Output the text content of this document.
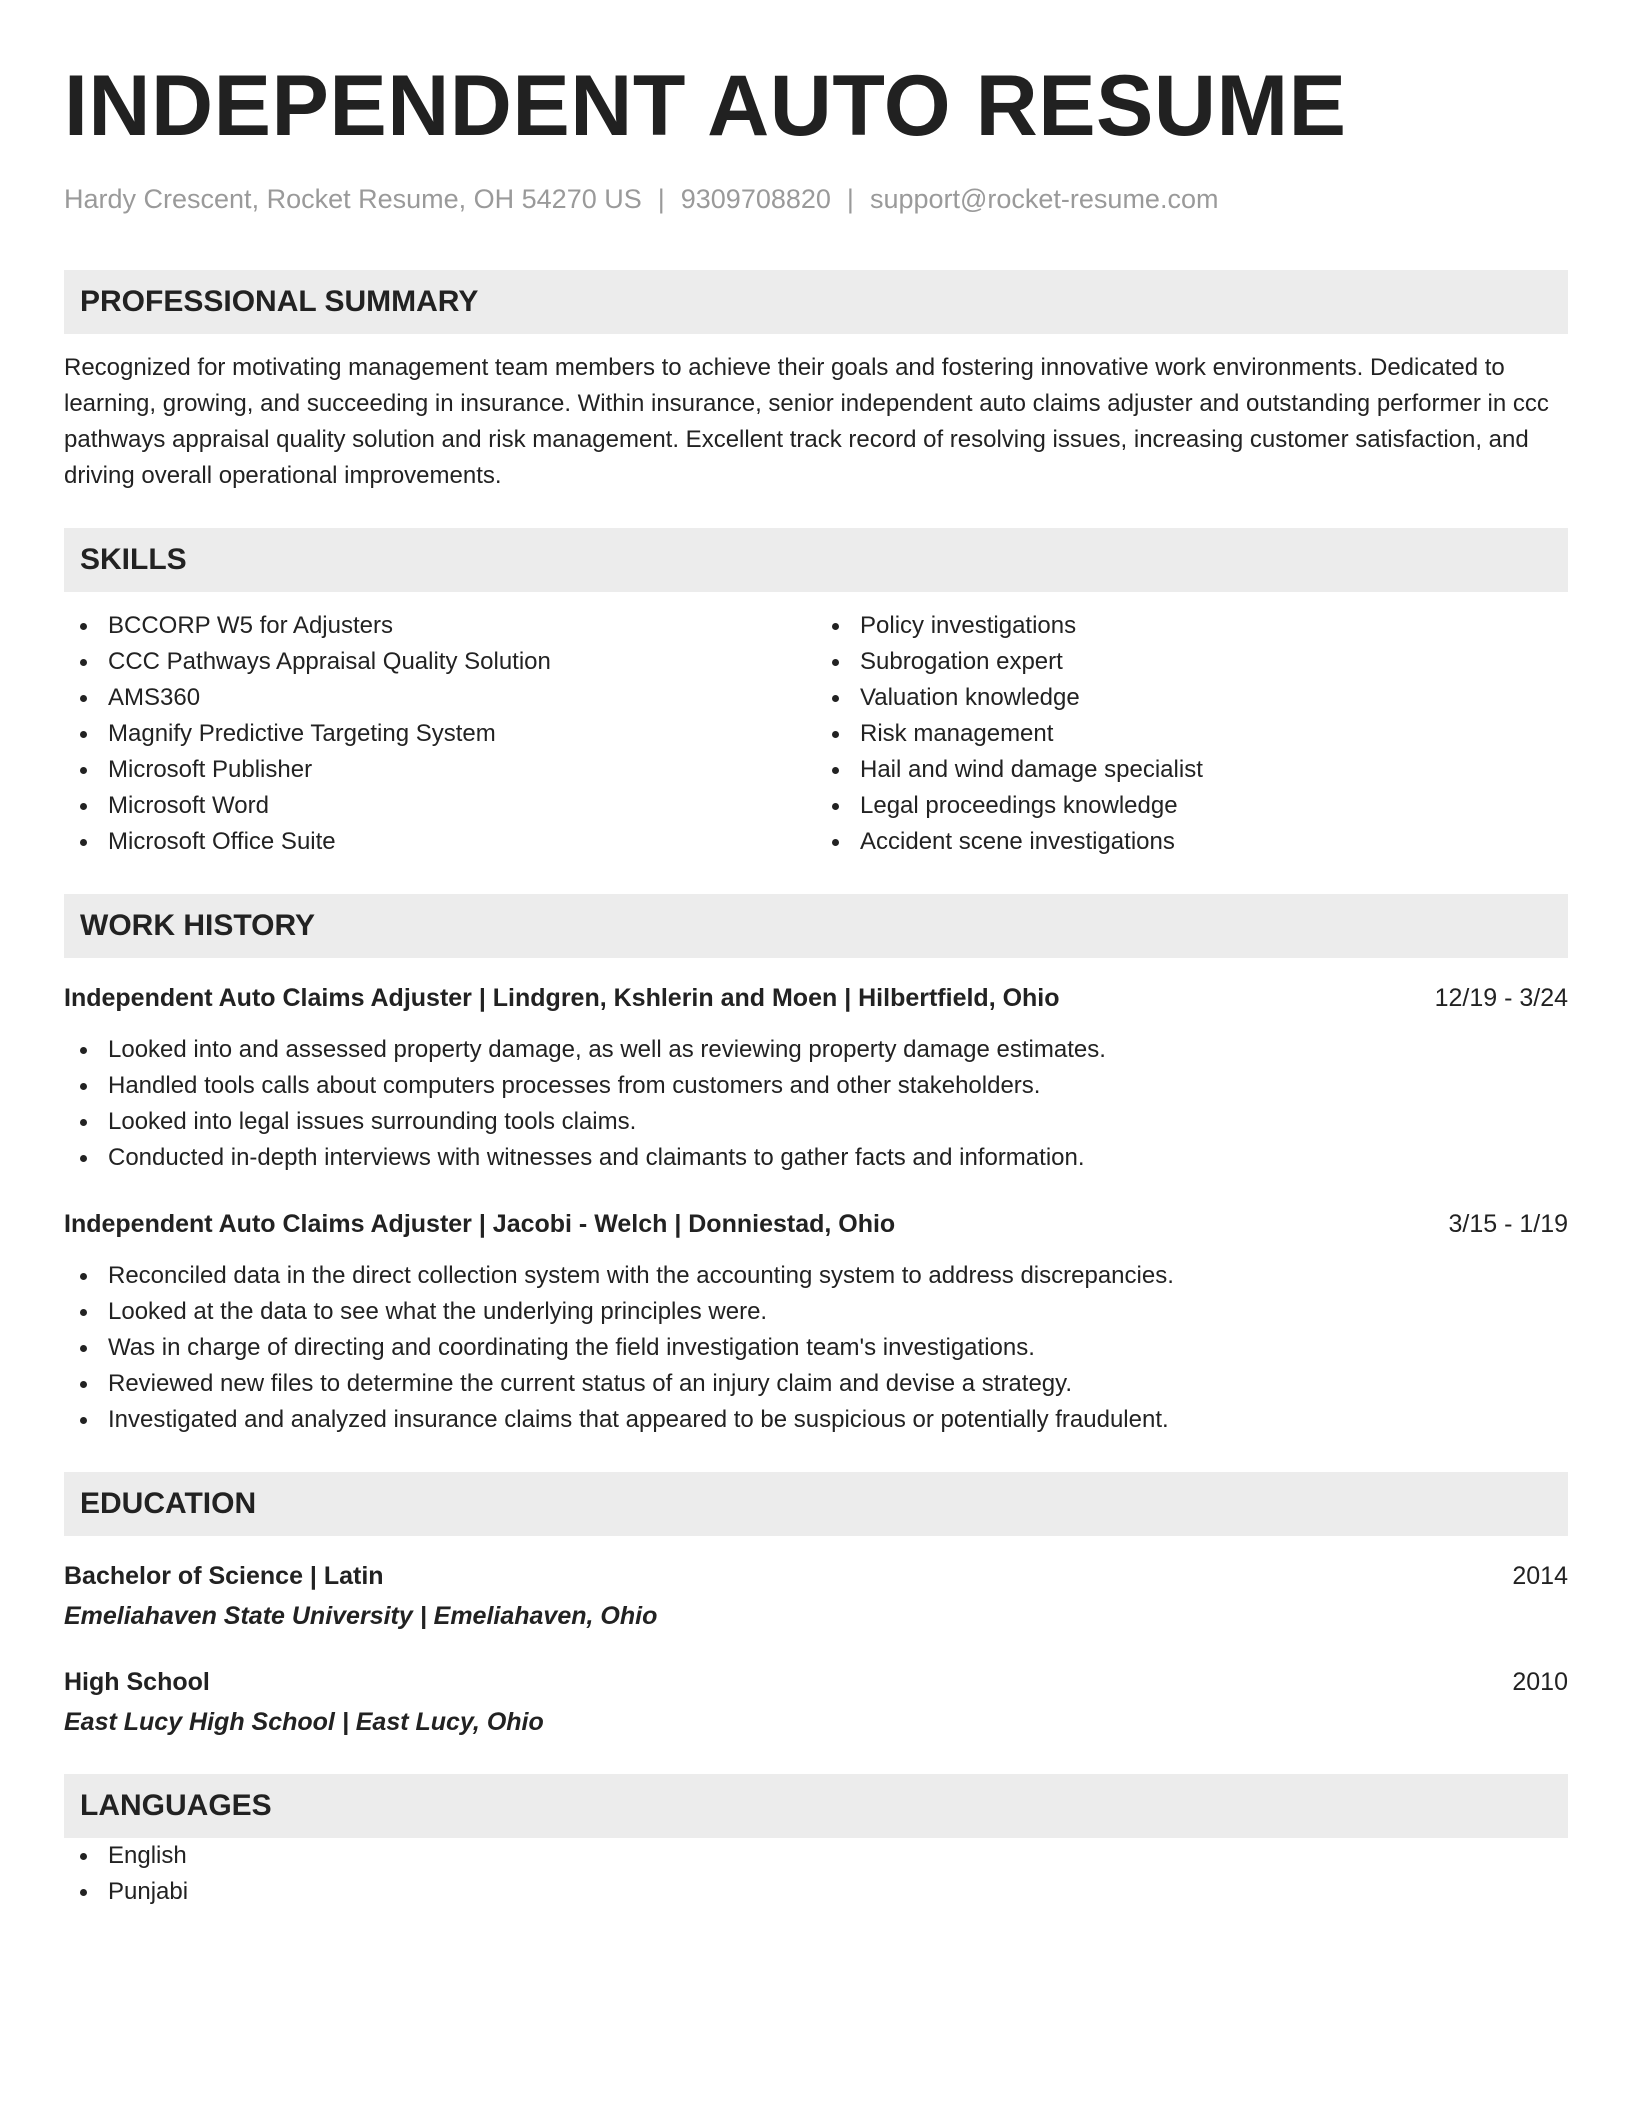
INDEPENDENT AUTO RESUME
Hardy Crescent, Rocket Resume, OH 54270 US | 9309708820 | support@rocket-resume.com
PROFESSIONAL SUMMARY
Recognized for motivating management team members to achieve their goals and fostering innovative work environments. Dedicated to learning, growing, and succeeding in insurance. Within insurance, senior independent auto claims adjuster and outstanding performer in ccc pathways appraisal quality solution and risk management. Excellent track record of resolving issues, increasing customer satisfaction, and driving overall operational improvements.
SKILLS
BCCORP W5 for Adjusters
CCC Pathways Appraisal Quality Solution
AMS360
Magnify Predictive Targeting System
Microsoft Publisher
Microsoft Word
Microsoft Office Suite
Policy investigations
Subrogation expert
Valuation knowledge
Risk management
Hail and wind damage specialist
Legal proceedings knowledge
Accident scene investigations
WORK HISTORY
Independent Auto Claims Adjuster | Lindgren, Kshlerin and Moen | Hilbertfield, Ohio	12/19 - 3/24
Looked into and assessed property damage, as well as reviewing property damage estimates.
Handled tools calls about computers processes from customers and other stakeholders.
Looked into legal issues surrounding tools claims.
Conducted in-depth interviews with witnesses and claimants to gather facts and information.
Independent Auto Claims Adjuster | Jacobi - Welch | Donniestad, Ohio	3/15 - 1/19
Reconciled data in the direct collection system with the accounting system to address discrepancies.
Looked at the data to see what the underlying principles were.
Was in charge of directing and coordinating the field investigation team's investigations.
Reviewed new files to determine the current status of an injury claim and devise a strategy.
Investigated and analyzed insurance claims that appeared to be suspicious or potentially fraudulent.
EDUCATION
Bachelor of Science | Latin	2014
Emeliahaven State University | Emeliahaven, Ohio
High School	2010
East Lucy High School | East Lucy, Ohio
LANGUAGES
English
Punjabi
